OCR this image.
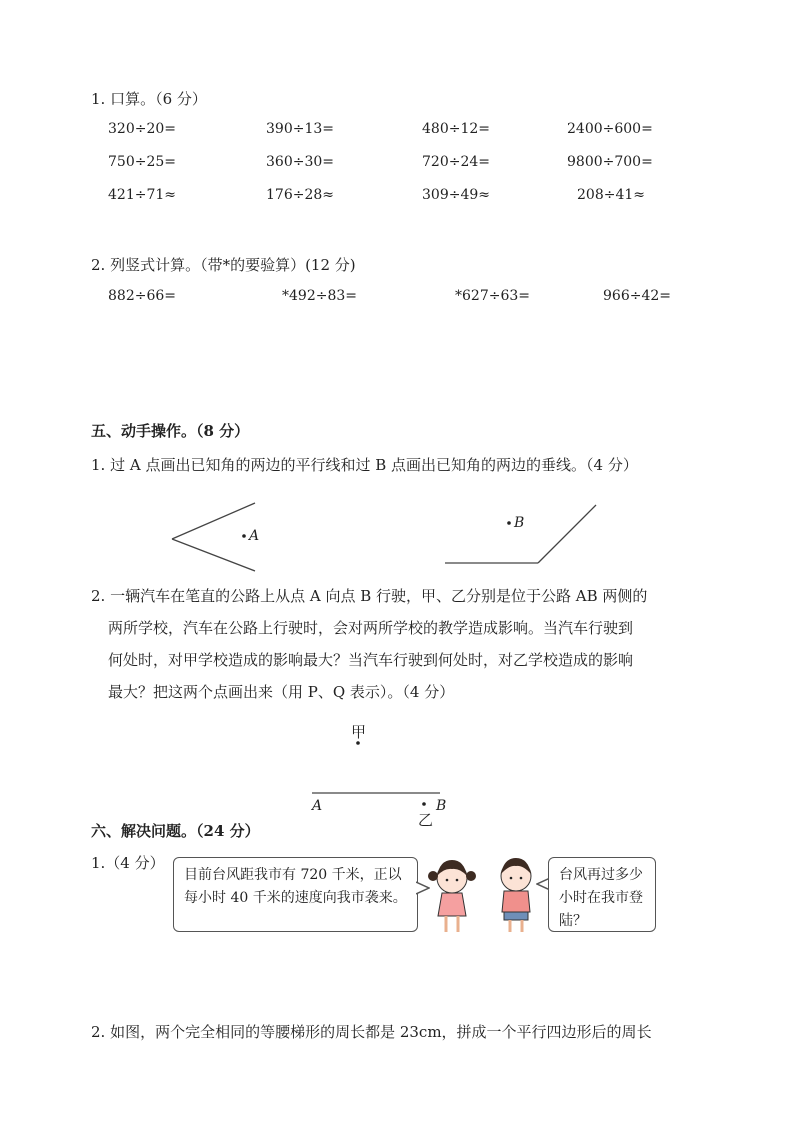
1. 口算。（6 分）
320÷20=	390÷13=	480÷12=	2400÷600=
750÷25=	360÷30=	720÷24=	9800÷700=
421÷71≈	176÷28≈	309÷49≈	208÷41≈
2. 列竖式计算。（带*的要验算）(12 分)
882÷66=	*492÷83=	*627÷63=	966÷42=
五、动手操作。（8 分）
1. 过 A 点画出已知角的两边的平行线和过 B 点画出已知角的两边的垂线。（4 分）
A
B
2. 一辆汽车在笔直的公路上从点 A 向点 B 行驶，甲、乙分别是位于公路 AB 两侧的
两所学校，汽车在公路上行驶时，会对两所学校的教学造成影响。当汽车行驶到
何处时，对甲学校造成的影响最大？当汽车行驶到何处时，对乙学校造成的影响
最大？把这两个点画出来（用 P、Q 表示）。（4 分）
甲
A	B
乙
六、解决问题。（24 分）
1.（4 分）
目前台风距我市有 720 千米，正以每小时 40 千米的速度向我市袭来。
台风再过多少小时在我市登陆？
2. 如图，两个完全相同的等腰梯形的周长都是 23cm，拼成一个平行四边形后的周长
